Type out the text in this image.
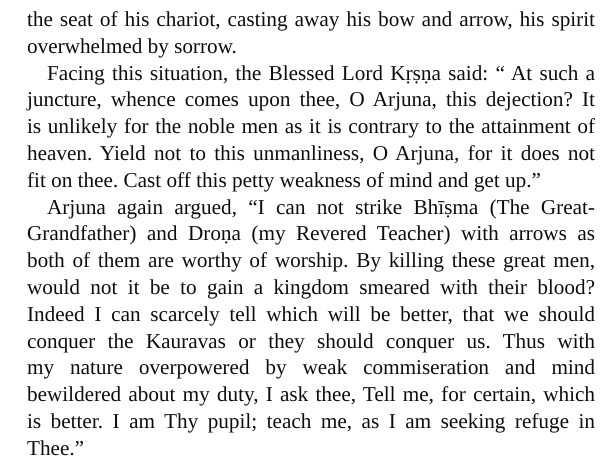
the seat of his chariot, casting away his bow and arrow, his spirit
overwhelmed by sorrow.

Facing this situation, the Blessed Lord Kṛṣṇa said: “ At such a
juncture, whence comes upon thee, O Arjuna, this dejection? It
is unlikely for the noble men as it is contrary to the attainment of
heaven. Yield not to this unmanliness, O Arjuna, for it does not
fit on thee. Cast off this petty weakness of mind and get up.”

Arjuna again argued, “I can not strike Bhīṣma (The Great-
Grandfather) and Droṇa (my Revered Teacher) with arrows as
both of them are worthy of worship. By killing these great men,
would not it be to gain a kingdom smeared with their blood?
Indeed I can scarcely tell which will be better, that we should
conquer the Kauravas or they should conquer us. Thus with
my nature overpowered by weak commiseration and mind
bewildered about my duty, I ask thee, Tell me, for certain, which
is better. I am Thy pupil; teach me, as I am seeking refuge in
Thee.”
